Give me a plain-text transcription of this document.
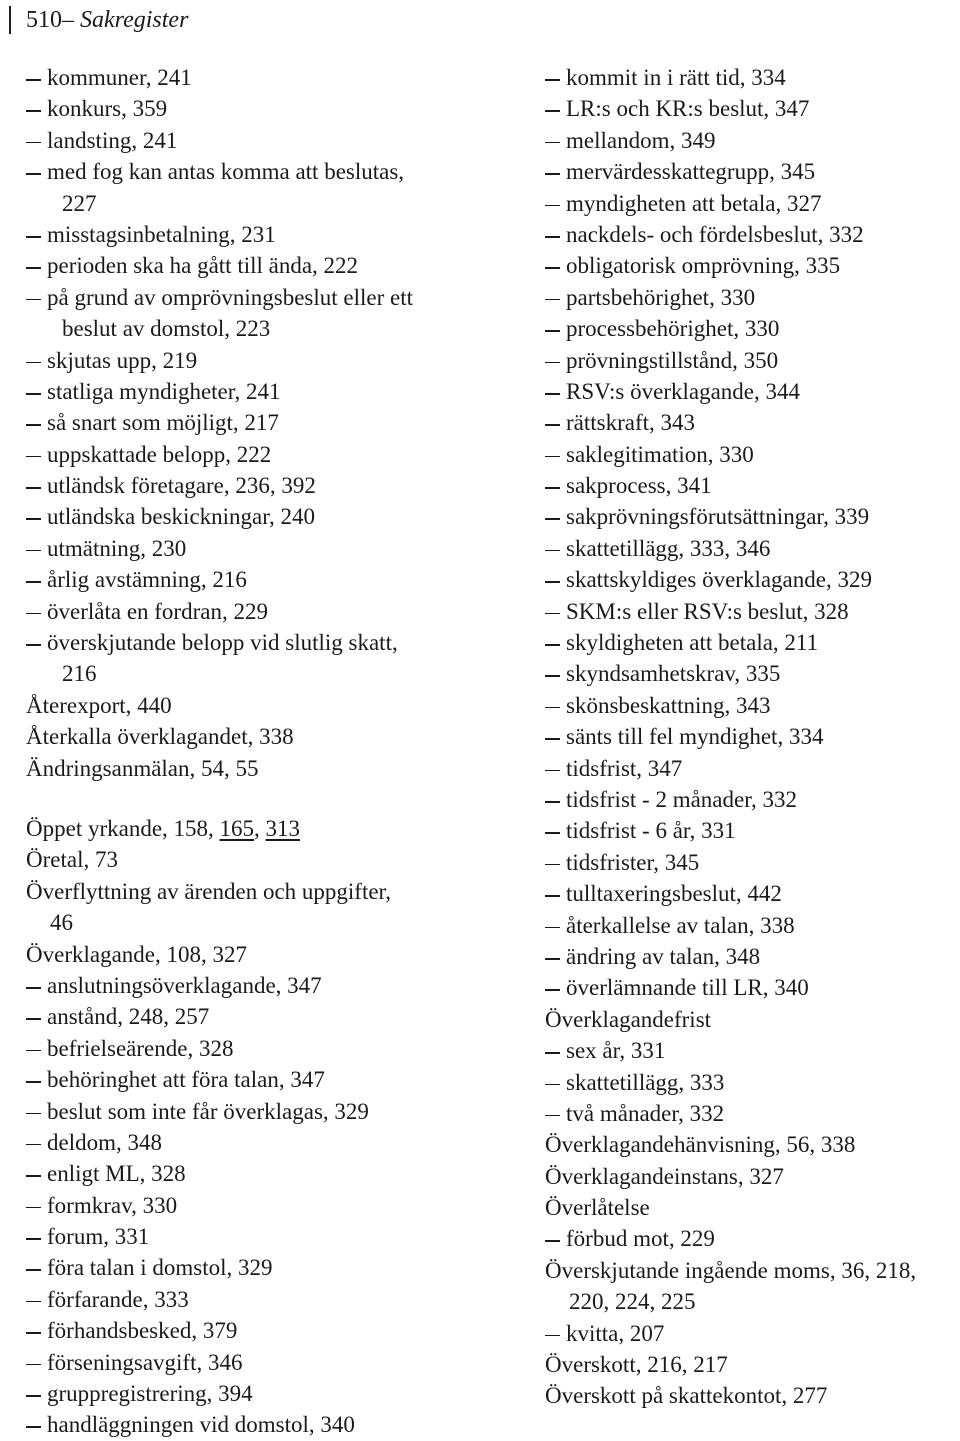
510– Sakregister
kommuner, 241
konkurs, 359
landsting, 241
med fog kan antas komma att beslutas,
227
misstagsinbetalning, 231
perioden ska ha gått till ända, 222
på grund av omprövningsbeslut eller ett
beslut av domstol, 223
skjutas upp, 219
statliga myndigheter, 241
så snart som möjligt, 217
uppskattade belopp, 222
utländsk företagare, 236, 392
utländska beskickningar, 240
utmätning, 230
årlig avstämning, 216
överlåta en fordran, 229
överskjutande belopp vid slutlig skatt,
216
Återexport, 440
Återkalla överklagandet, 338
Ändringsanmälan, 54, 55
Öppet yrkande, 158, 165, 313
Öretal, 73
Överflyttning av ärenden och uppgifter,
46
Överklagande, 108, 327
anslutningsöverklagande, 347
anstånd, 248, 257
befrielseärende, 328
behöringhet att föra talan, 347
beslut som inte får överklagas, 329
deldom, 348
enligt ML, 328
formkrav, 330
forum, 331
föra talan i domstol, 329
förfarande, 333
förhandsbesked, 379
förseningsavgift, 346
gruppregistrering, 394
handläggningen vid domstol, 340
kommit in i rätt tid, 334
LR:s och KR:s beslut, 347
mellandom, 349
mervärdesskattegrupp, 345
myndigheten att betala, 327
nackdels- och fördelsbeslut, 332
obligatorisk omprövning, 335
partsbehörighet, 330
processbehörighet, 330
prövningstillstånd, 350
RSV:s överklagande, 344
rättskraft, 343
saklegitimation, 330
sakprocess, 341
sakprövningsförutsättningar, 339
skattetillägg, 333, 346
skattskyldiges överklagande, 329
SKM:s eller RSV:s beslut, 328
skyldigheten att betala, 211
skyndsamhetskrav, 335
skönsbeskattning, 343
sänts till fel myndighet, 334
tidsfrist, 347
tidsfrist - 2 månader, 332
tidsfrist - 6 år, 331
tidsfrister, 345
tulltaxeringsbeslut, 442
återkallelse av talan, 338
ändring av talan, 348
överlämnande till LR, 340
Överklagandefrist
sex år, 331
skattetillägg, 333
två månader, 332
Överklagandehänvisning, 56, 338
Överklagandeinstans, 327
Överlåtelse
förbud mot, 229
Överskjutande ingående moms, 36, 218,
220, 224, 225
kvitta, 207
Överskott, 216, 217
Överskott på skattekontot, 277
